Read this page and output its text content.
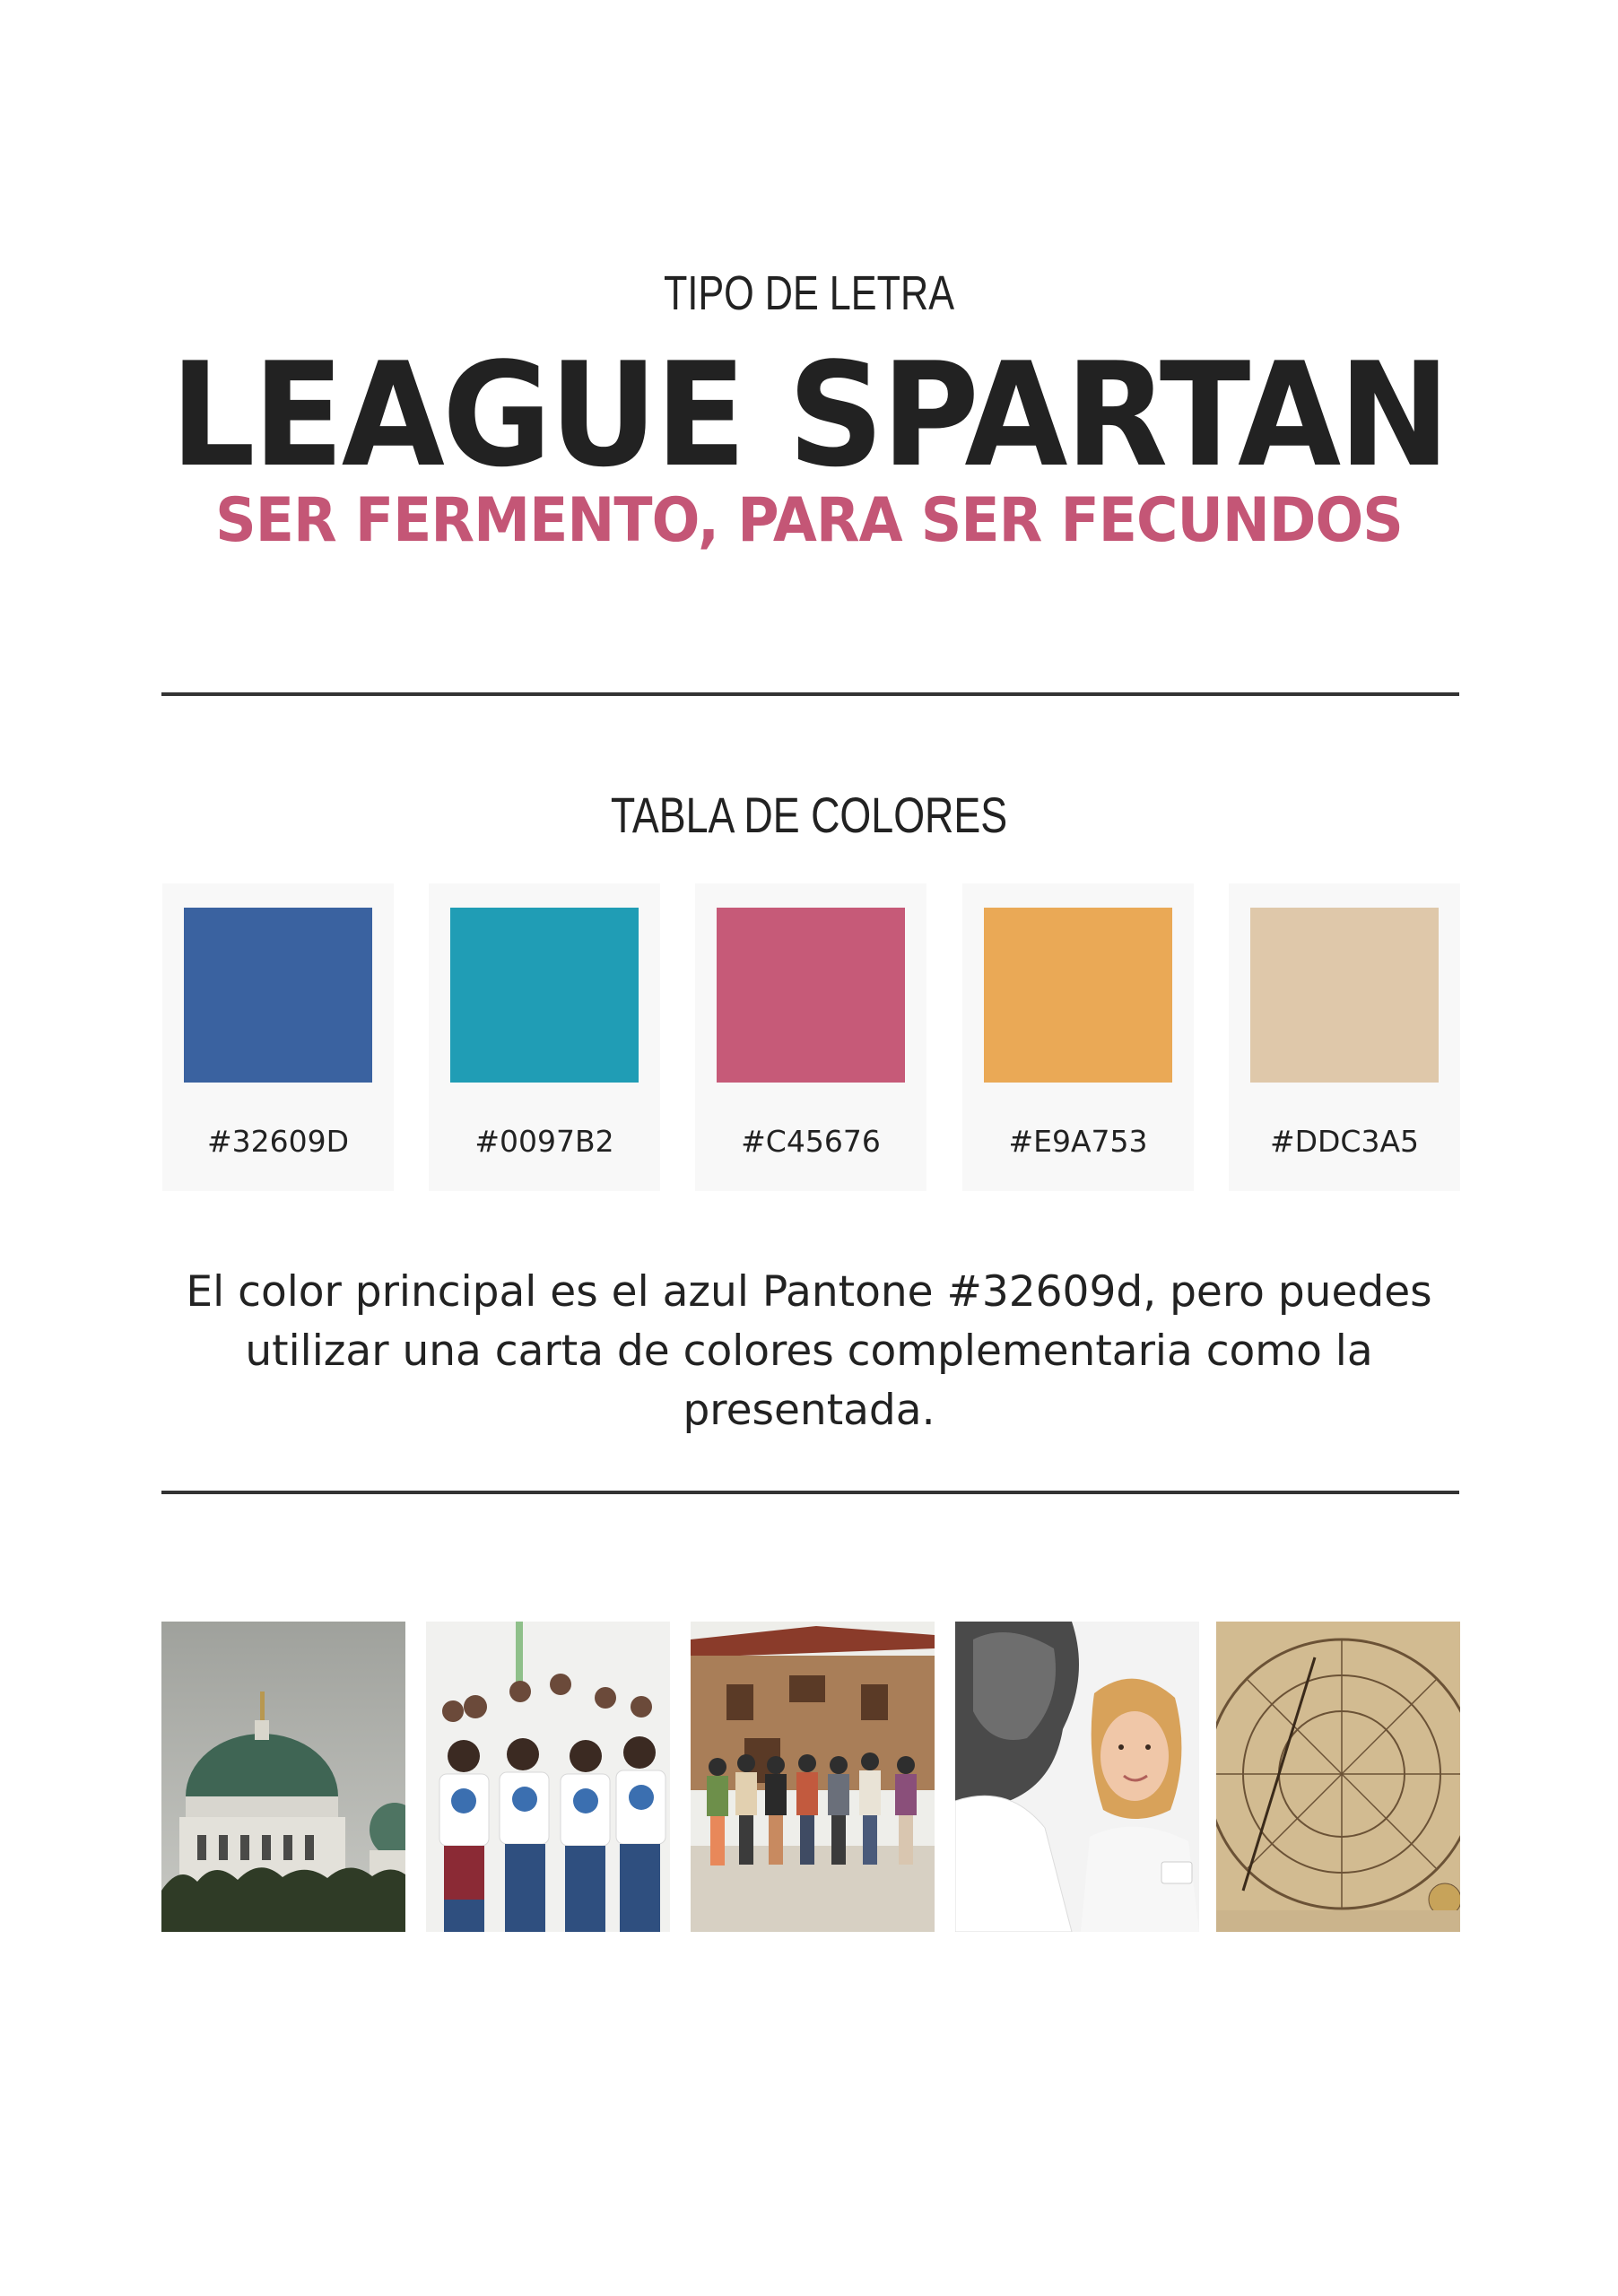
TIPO DE LETRA
LEAGUE SPARTAN
SER FERMENTO, PARA SER FECUNDOS
TABLA DE COLORES
#32609D	#0097B2	#C45676	#E9A753	#DDC3A5
El color principal es el azul Pantone #32609d, pero puedes utilizar una carta de colores complementaria como la presentada.
